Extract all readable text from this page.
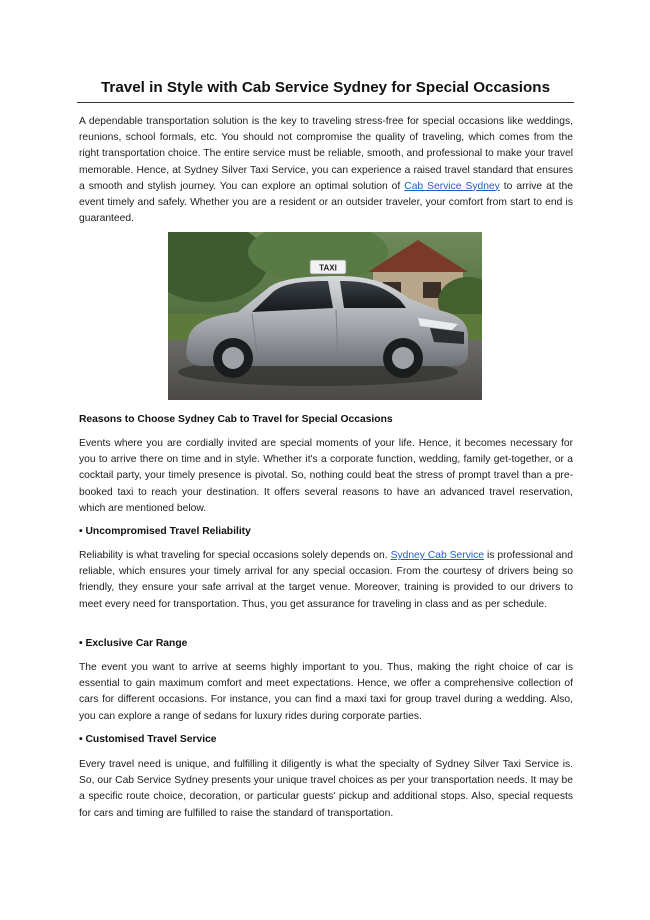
Travel in Style with Cab Service Sydney for Special Occasions

A dependable transportation solution is the key to traveling stress-free for special occasions like weddings, reunions, school formals, etc. You should not compromise the quality of traveling, which comes from the right transportation choice. The entire service must be reliable, smooth, and professional to make your travel memorable. Hence, at Sydney Silver Taxi Service, you can experience a raised travel standard that ensures a smooth and stylish journey. You can explore an optimal solution of Cab Service Sydney to arrive at the event timely and safely. Whether you are a resident or an outsider traveler, your comfort from start to end is guaranteed.

TAXI

Reasons to Choose Sydney Cab to Travel for Special Occasions

Events where you are cordially invited are special moments of your life. Hence, it becomes necessary for you to arrive there on time and in style. Whether it's a corporate function, wedding, family get-together, or a cocktail party, your timely presence is pivotal. So, nothing could beat the stress of prompt travel than a pre-booked taxi to reach your destination. It offers several reasons to have an advanced travel reservation, which are mentioned below.

• Uncompromised Travel Reliability

Reliability is what traveling for special occasions solely depends on. Sydney Cab Service is professional and reliable, which ensures your timely arrival for any special occasion. From the courtesy of drivers being so friendly, they ensure your safe arrival at the target venue. Moreover, training is provided to our drivers to meet every need for transportation. Thus, you get assurance for traveling in class and as per schedule.

• Exclusive Car Range

The event you want to arrive at seems highly important to you. Thus, making the right choice of car is essential to gain maximum comfort and meet expectations. Hence, we offer a comprehensive collection of cars for different occasions. For instance, you can find a maxi taxi for group travel during a wedding. Also, you can explore a range of sedans for luxury rides during corporate parties.

• Customised Travel Service

Every travel need is unique, and fulfilling it diligently is what the specialty of Sydney Silver Taxi Service is. So, our Cab Service Sydney presents your unique travel choices as per your transportation needs. It may be a specific route choice, decoration, or particular guests' pickup and additional stops. Also, special requests for cars and timing are fulfilled to raise the standard of transportation.
